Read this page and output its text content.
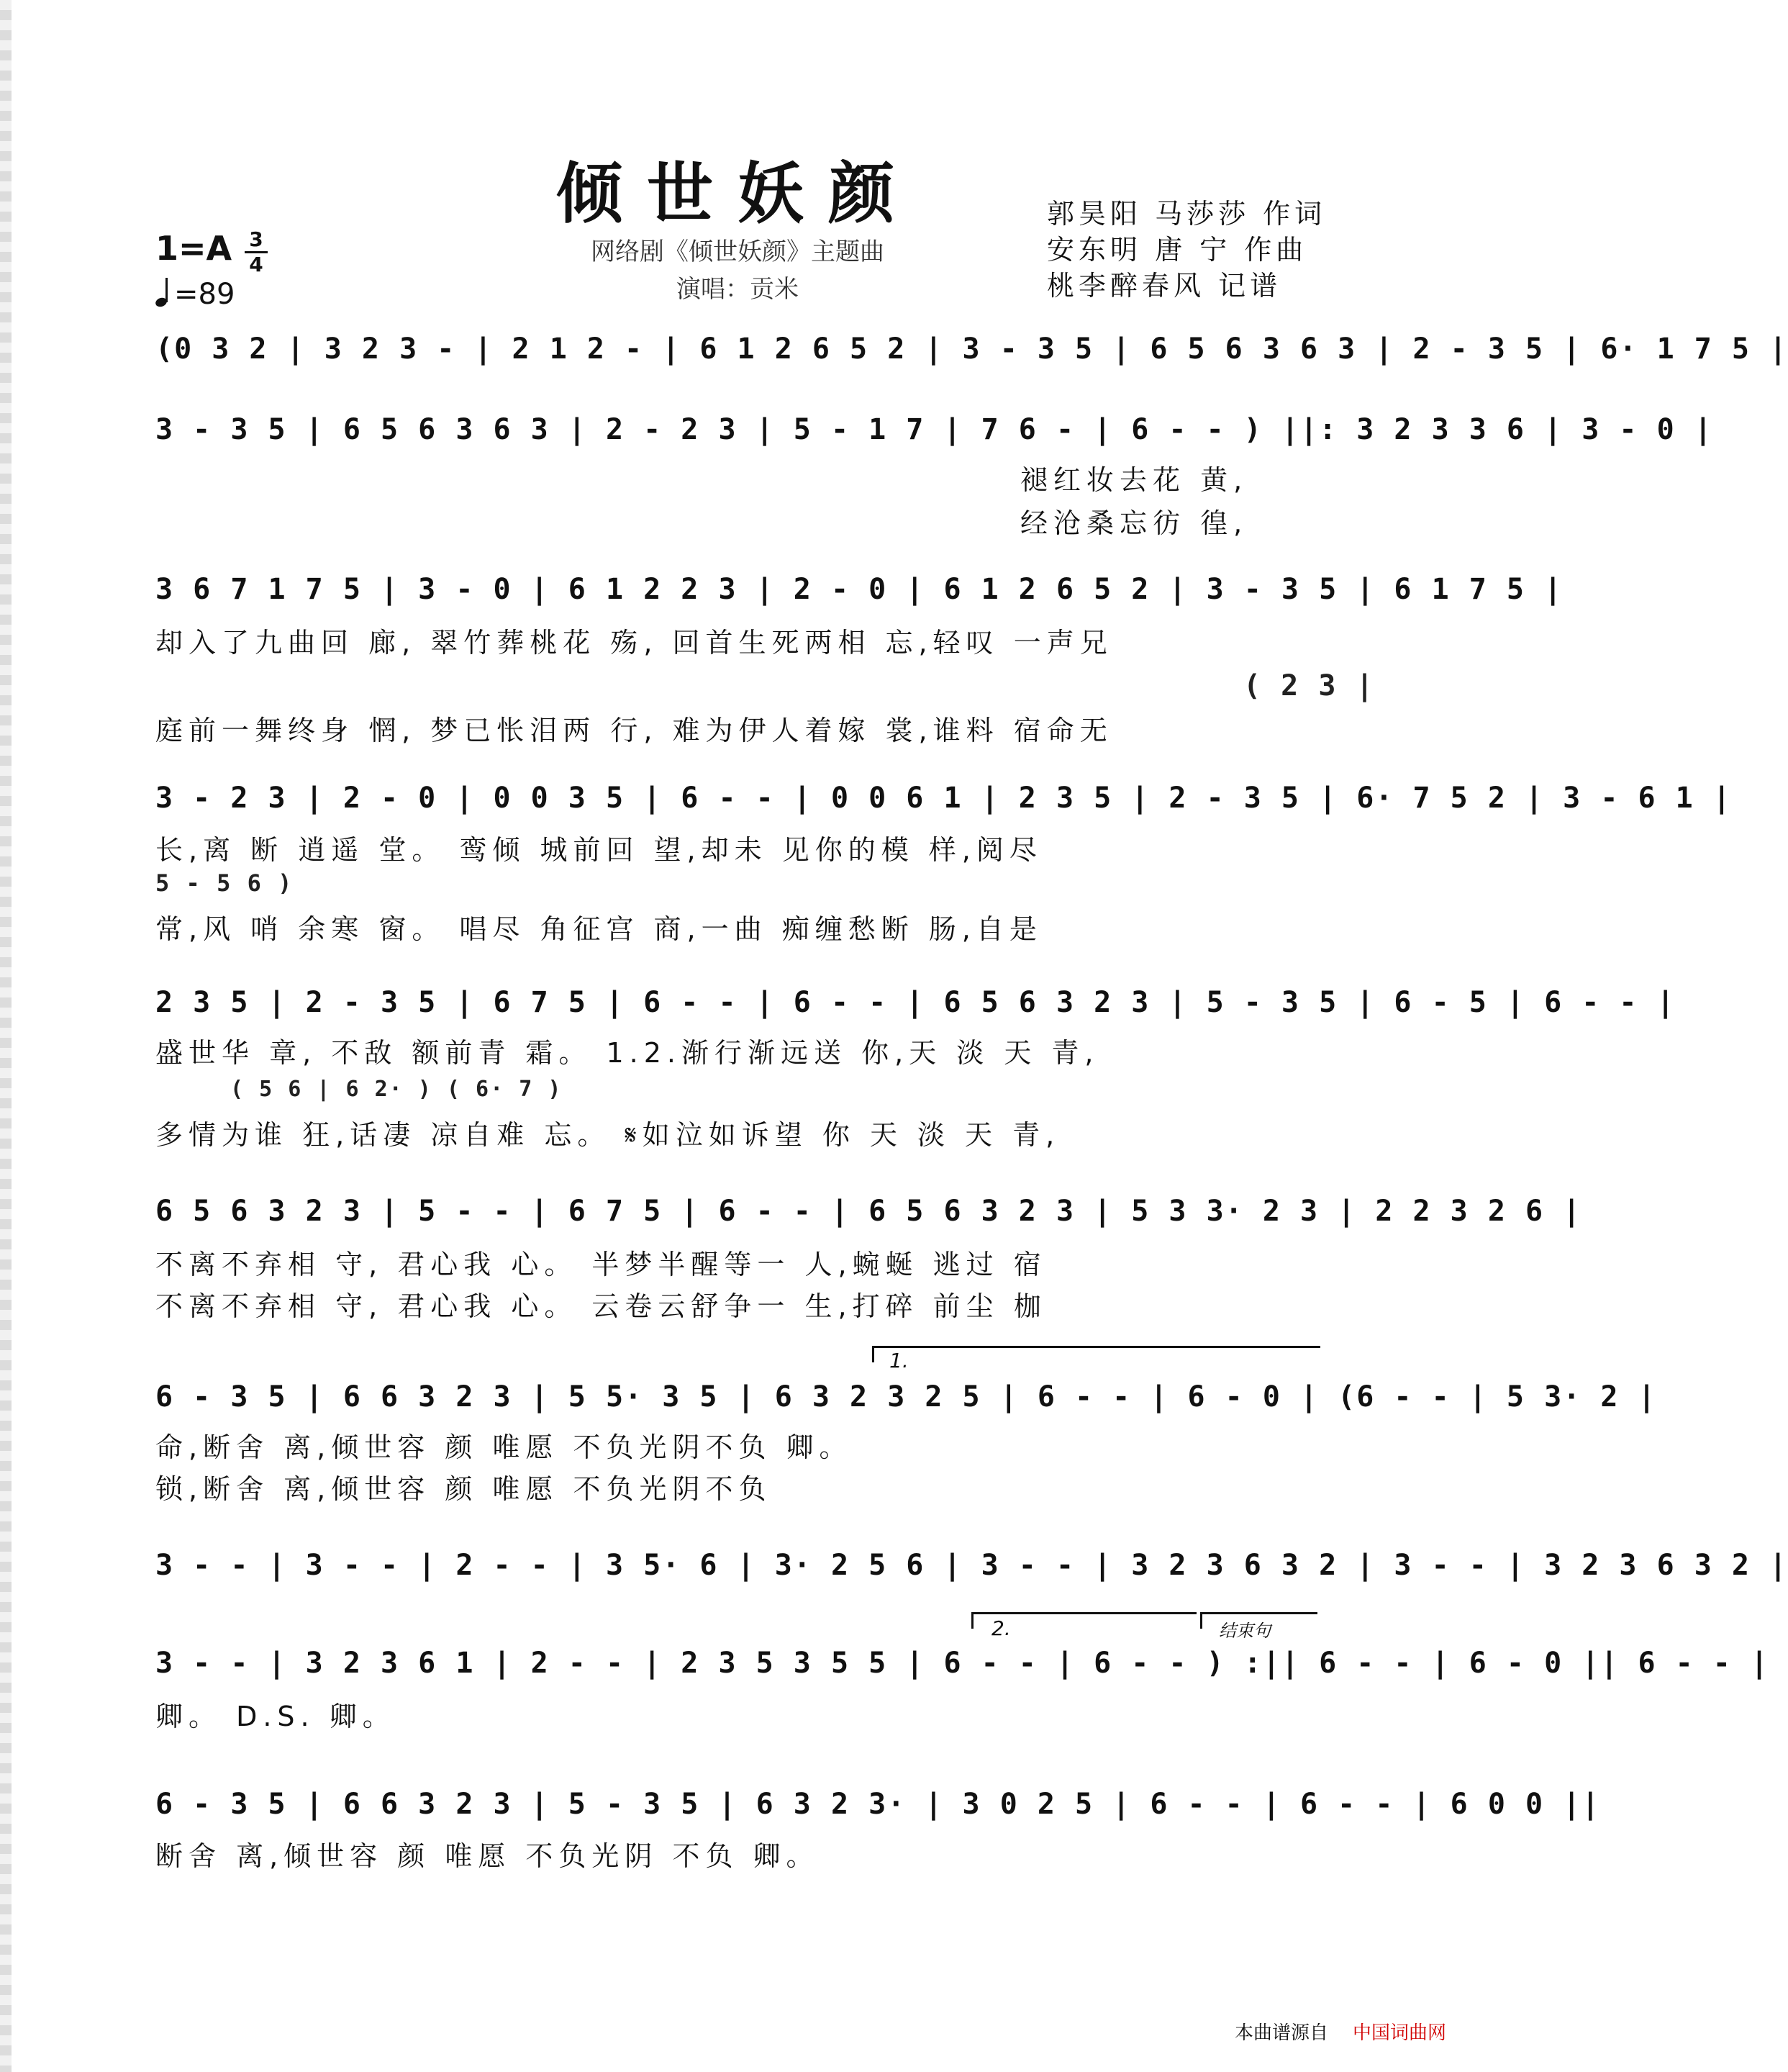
倾世妖颜
网络剧《倾世妖颜》主题曲
演唱：贡米
郭昊阳 马莎莎 作词
安东明 唐 宁 作曲
桃李醉春风 记谱
1=A 3
4
=89
(0 3 2 | 3 2 3 - | 2 1 2 - | 6 1 2 6 5 2 | 3 - 3 5 | 6 5 6 3 6 3 | 2 - 3 5 | 6· 1 7 5 |
3 - 3 5 | 6 5 6 3 6 3 | 2 - 2 3 | 5 - 1 7 | 7 6 - | 6 - - ) ||: 3 2 3 3 6 | 3 - 0 |
褪红妆去花 黄,
经沧桑忘彷 徨,
3 6 7 1 7 5 | 3 - 0 | 6 1 2 2 3 | 2 - 0 | 6 1 2 6 5 2 | 3 - 3 5 | 6 1 7 5 |
却入了九曲回 廊, 翠竹葬桃花 殇, 回首生死两相 忘,轻叹 一声兄
( 2 3 |
庭前一舞终身 惘, 梦已怅泪两 行, 难为伊人着嫁 裳,谁料 宿命无
3 - 2 3 | 2 - 0 | 0 0 3 5 | 6 - - | 0 0 6 1 | 2 3 5 | 2 - 3 5 | 6· 7 5 2 | 3 - 6 1 |
长,离 断 逍遥 堂。 鸾倾 城前回 望,却未 见你的模 样,阅尽
5 - 5 6 )
常,风 哨 余寒 窗。 唱尽 角征宫 商,一曲 痴缠愁断 肠,自是
2 3 5 | 2 - 3 5 | 6 7 5 | 6 - - | 6 - - | 6 5 6 3 2 3 | 5 - 3 5 | 6 - 5 | 6 - - |
盛世华 章, 不敌 额前青 霜。 1.2.渐行渐远送 你,天 淡 天 青,
( 5 6 | 6 2· ) ( 6· 7 )
多情为谁 狂,话凄 凉自难 忘。 𝄋如泣如诉望 你 天 淡 天 青,
6 5 6 3 2 3 | 5 - - | 6 7 5 | 6 - - | 6 5 6 3 2 3 | 5 3 3· 2 3 | 2 2 3 2 6 |
不离不弃相 守, 君心我 心。 半梦半醒等一 人,蜿蜒 逃过 宿
不离不弃相 守, 君心我 心。 云卷云舒争一 生,打碎 前尘 枷
1.
6 - 3 5 | 6 6 3 2 3 | 5 5· 3 5 | 6 3 2 3 2 5 | 6 - - | 6 - 0 | (6 - - | 5 3· 2 |
命,断舍 离,倾世容 颜 唯愿 不负光阴不负 卿。
锁,断舍 离,倾世容 颜 唯愿 不负光阴不负
3 - - | 3 - - | 2 - - | 3 5· 6 | 3· 2 5 6 | 3 - - | 3 2 3 6 3 2 | 3 - - | 3 2 3 6 3 2 |
2.	结束句
3 - - | 3 2 3 6 1 | 2 - - | 2 3 5 3 5 5 | 6 - - | 6 - - ) :|| 6 - - | 6 - 0 || 6 - - |
卿。 D.S. 卿。
6 - 3 5 | 6 6 3 2 3 | 5 - 3 5 | 6 3 2 3· | 3 0 2 5 | 6 - - | 6 - - | 6 0 0 ||
断舍 离,倾世容 颜 唯愿 不负光阴 不负 卿。
本曲谱源自 中国词曲网
